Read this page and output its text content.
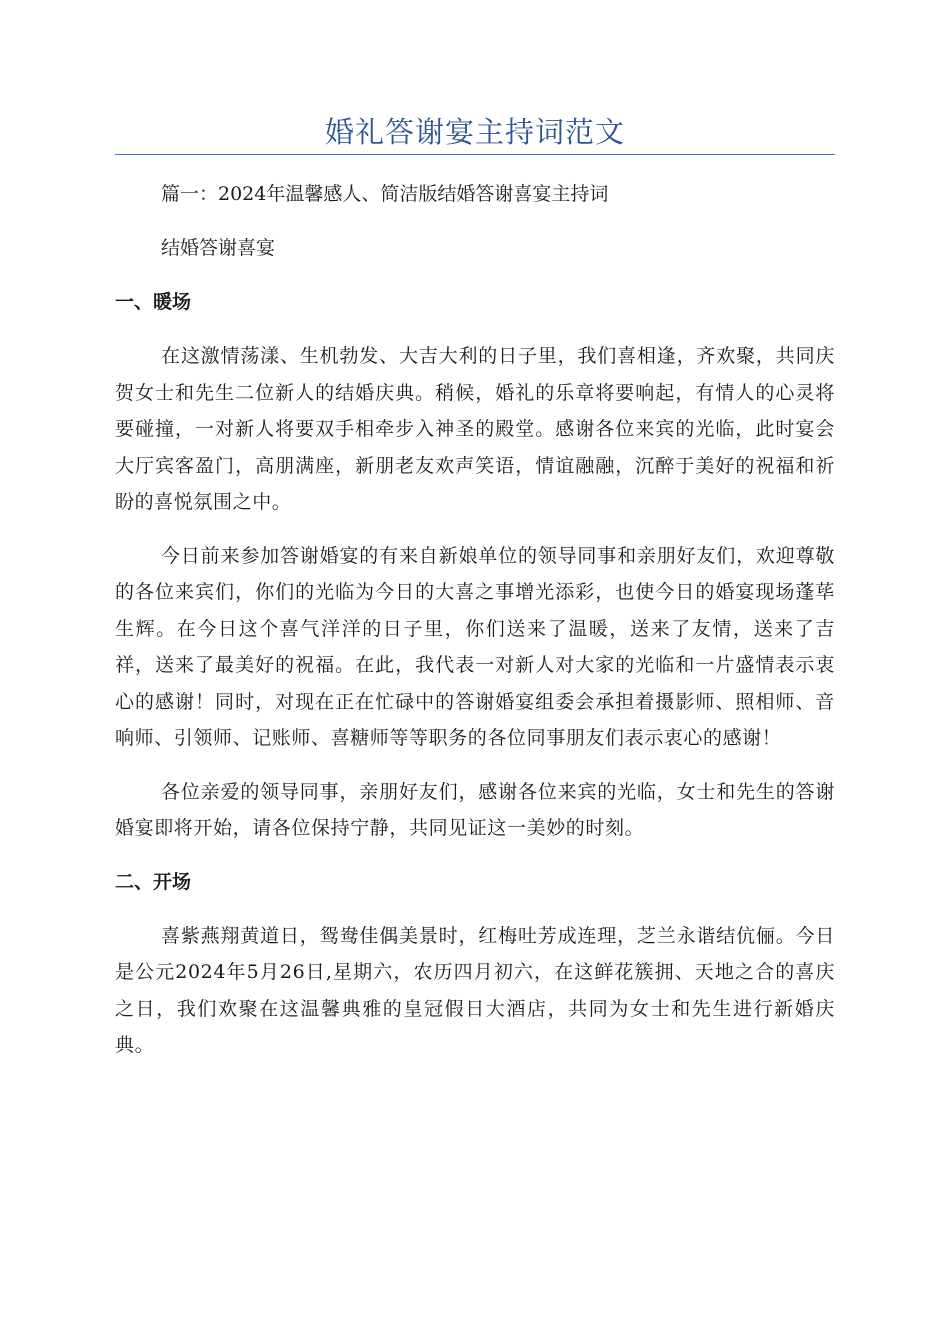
婚礼答谢宴主持词范文

篇一：2024年温馨感人、简洁版结婚答谢喜宴主持词

结婚答谢喜宴

一、暖场

在这激情荡漾、生机勃发、大吉大利的日子里，我们喜相逢，齐欢聚，共同庆贺女士和先生二位新人的结婚庆典。稍候，婚礼的乐章将要响起，有情人的心灵将要碰撞，一对新人将要双手相牵步入神圣的殿堂。感谢各位来宾的光临，此时宴会大厅宾客盈门，高朋满座，新朋老友欢声笑语，情谊融融，沉醉于美好的祝福和祈盼的喜悦氛围之中。

今日前来参加答谢婚宴的有来自新娘单位的领导同事和亲朋好友们，欢迎尊敬的各位来宾们，你们的光临为今日的大喜之事增光添彩，也使今日的婚宴现场蓬荜生辉。在今日这个喜气洋洋的日子里，你们送来了温暖，送来了友情，送来了吉祥，送来了最美好的祝福。在此，我代表一对新人对大家的光临和一片盛情表示衷心的感谢！同时，对现在正在忙碌中的答谢婚宴组委会承担着摄影师、照相师、音响师、引领师、记账师、喜糖师等等职务的各位同事朋友们表示衷心的感谢！

各位亲爱的领导同事，亲朋好友们，感谢各位来宾的光临，女士和先生的答谢婚宴即将开始，请各位保持宁静，共同见证这一美妙的时刻。

二、开场

喜紫燕翔黄道日，鸳鸯佳偶美景时，红梅吐芳成连理，芝兰永谐结伉俪。今日是公元2024年5月26日,星期六，农历四月初六，在这鲜花簇拥、天地之合的喜庆之日，我们欢聚在这温馨典雅的皇冠假日大酒店，共同为女士和先生进行新婚庆典。
